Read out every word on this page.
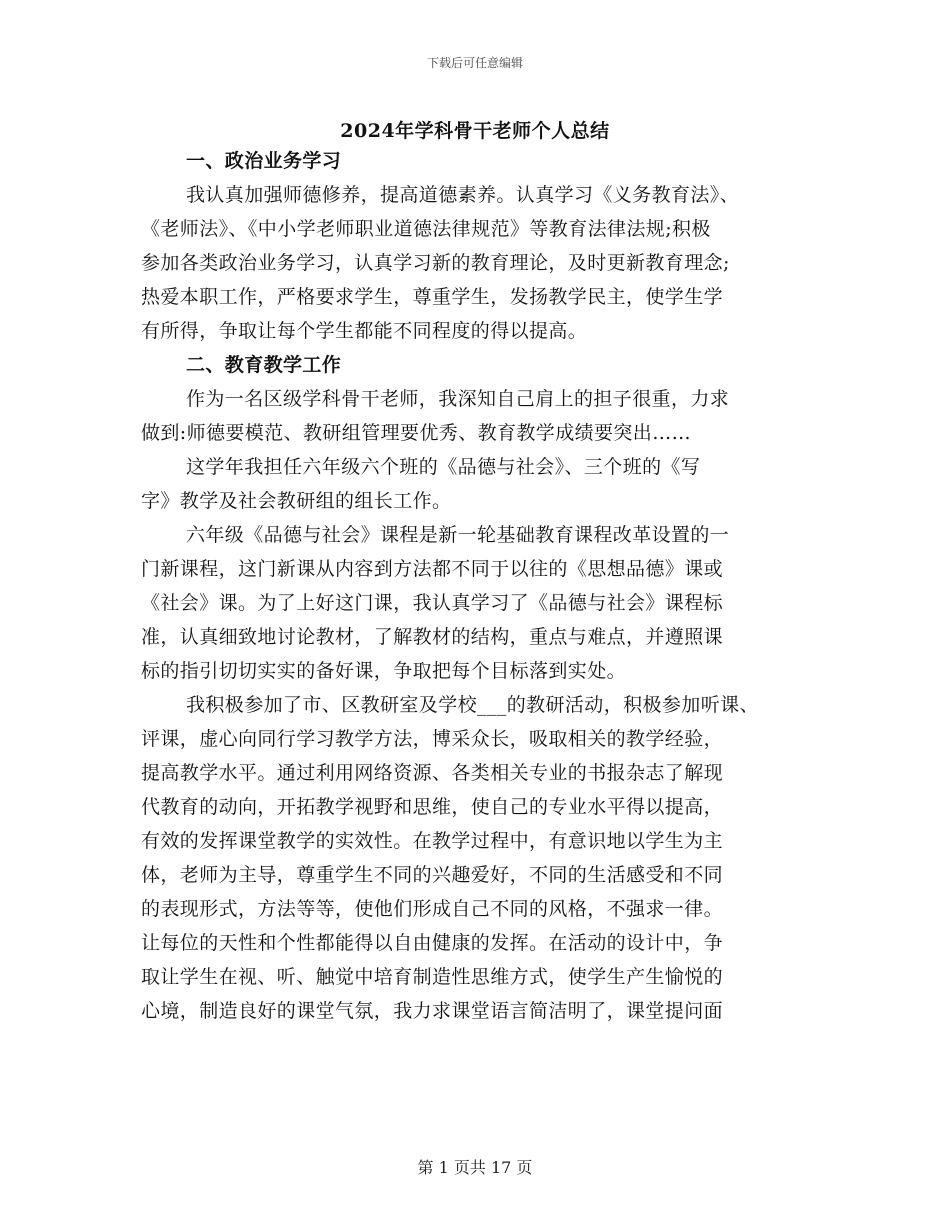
下载后可任意编辑
2024年学科骨干老师个人总结
一、政治业务学习
我认真加强师德修养，提高道德素养。认真学习《义务教育法》、
《老师法》、《中小学老师职业道德法律规范》等教育法律法规;积极
参加各类政治业务学习，认真学习新的教育理论，及时更新教育理念;
热爱本职工作，严格要求学生，尊重学生，发扬教学民主，使学生学
有所得，争取让每个学生都能不同程度的得以提高。
二、教育教学工作
作为一名区级学科骨干老师，我深知自己肩上的担子很重，力求
做到:师德要模范、教研组管理要优秀、教育教学成绩要突出……
这学年我担任六年级六个班的《品德与社会》、三个班的《写
字》教学及社会教研组的组长工作。
六年级《品德与社会》课程是新一轮基础教育课程改革设置的一
门新课程，这门新课从内容到方法都不同于以往的《思想品德》课或
《社会》课。为了上好这门课，我认真学习了《品德与社会》课程标
准，认真细致地讨论教材，了解教材的结构，重点与难点，并遵照课
标的指引切切实实的备好课，争取把每个目标落到实处。
我积极参加了市、区教研室及学校___的教研活动，积极参加听课、
评课，虚心向同行学习教学方法，博采众长，吸取相关的教学经验，
提高教学水平。通过利用网络资源、各类相关专业的书报杂志了解现
代教育的动向，开拓教学视野和思维，使自己的专业水平得以提高，
有效的发挥课堂教学的实效性。在教学过程中，有意识地以学生为主
体，老师为主导，尊重学生不同的兴趣爱好，不同的生活感受和不同
的表现形式，方法等等，使他们形成自己不同的风格，不强求一律。
让每位的天性和个性都能得以自由健康的发挥。在活动的设计中，争
取让学生在视、听、触觉中培育制造性思维方式，使学生产生愉悦的
心境，制造良好的课堂气氛，我力求课堂语言简洁明了，课堂提问面
第 1 页共 17 页
